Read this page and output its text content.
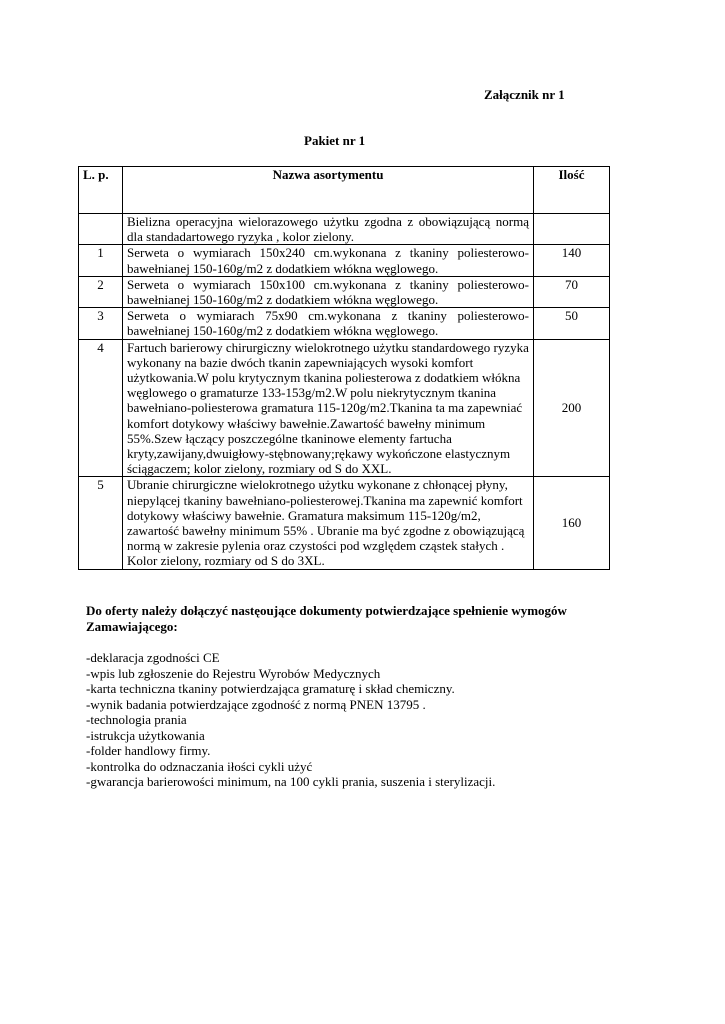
Załącznik nr 1
Pakiet nr 1
L. p.	Nazwa asortymentu	Ilość
	Bielizna operacyjna wielorazowego użytku zgodna z obowiązującą normą dla standadartowego ryzyka , kolor zielony.	
1	Serweta o wymiarach 150x240 cm.wykonana z tkaniny poliesterowo-bawełnianej 150-160g/m2 z dodatkiem włókna węglowego.	140
2	Serweta o wymiarach 150x100 cm.wykonana z tkaniny poliesterowo-bawełnianej 150-160g/m2 z dodatkiem włókna węglowego.	70
3	Serweta o wymiarach 75x90 cm.wykonana z tkaniny poliesterowo-bawełnianej 150-160g/m2 z dodatkiem włókna węglowego.	50
4	Fartuch barierowy chirurgiczny wielokrotnego użytku standardowego ryzyka wykonany na bazie dwóch tkanin zapewniających wysoki komfort użytkowania.W polu krytycznym tkanina poliesterowa z dodatkiem włókna węglowego o gramaturze 133-153g/m2.W polu niekrytycznym tkanina bawełniano-poliesterowa gramatura 115-120g/m2.Tkanina ta ma zapewniać komfort dotykowy właściwy bawełnie.Zawartość bawełny minimum 55%.Szew łączący poszczególne tkaninowe elementy fartucha kryty,zawijany,dwuigłowy-stębnowany;rękawy wykończone elastycznym ściągaczem; kolor zielony, rozmiary od S do XXL.	200
5	Ubranie chirurgiczne wielokrotnego użytku wykonane z chłonącej płyny, niepylącej tkaniny bawełniano-poliesterowej.Tkanina ma zapewnić komfort dotykowy właściwy bawełnie. Gramatura maksimum 115-120g/m2, zawartość bawełny minimum 55% . Ubranie ma być zgodne z obowiązującą normą w zakresie pylenia oraz czystości pod względem cząstek stałych . Kolor zielony, rozmiary od S do 3XL.	160
Do oferty należy dołączyć nastęoujące dokumenty potwierdzające spełnienie wymogów Zamawiającego:
-deklaracja zgodności CE
-wpis lub zgłoszenie do Rejestru Wyrobów Medycznych
-karta techniczna tkaniny potwierdzająca gramaturę i skład chemiczny.
-wynik badania potwierdzające zgodność z normą PNEN 13795 .
-technologia prania
-istrukcja użytkowania
-folder handlowy firmy.
-kontrolka do odznaczania iłości cykli użyć
-gwarancja barierowości minimum, na 100 cykli prania, suszenia i sterylizacji.
